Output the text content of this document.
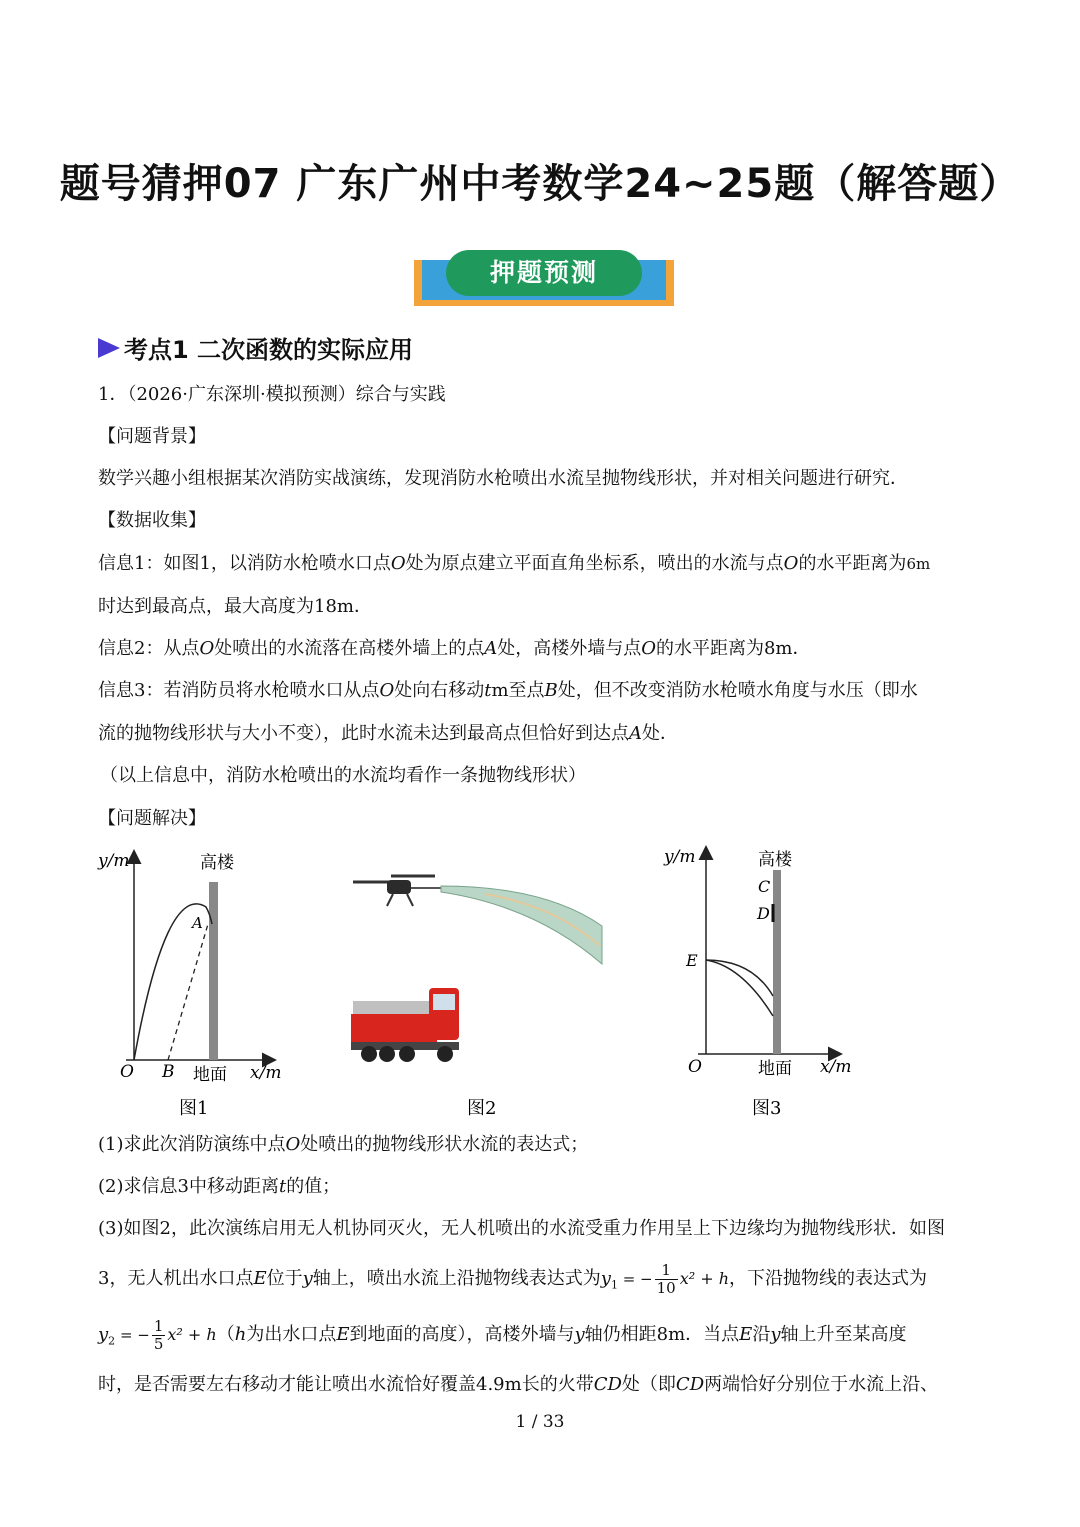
题号猜押07 广东广州中考数学24~25题（解答题）
押题预测
考点1 二次函数的实际应用
1．（2026·广东深圳·模拟预测）综合与实践
【问题背景】
数学兴趣小组根据某次消防实战演练，发现消防水枪喷出水流呈抛物线形状，并对相关问题进行研究．
【数据收集】
信息1：如图1，以消防水枪喷水口点O处为原点建立平面直角坐标系，喷出的水流与点O的水平距离为6m
时达到最高点，最大高度为18m．
信息2：从点O处喷出的水流落在高楼外墙上的点A处，高楼外墙与点O的水平距离为8m．
信息3：若消防员将水枪喷水口从点O处向右移动tm至点B处，但不改变消防水枪喷水角度与水压（即水
流的抛物线形状与大小不变），此时水流未达到最高点但恰好到达点A处．
（以上信息中，消防水枪喷出的水流均看作一条抛物线形状）
【问题解决】
y/m	高楼
A
O B 地面 x/m
图1	图2
y/m	高楼
C
D
E
O	地面 x/m
图3
(1)求此次消防演练中点O处喷出的抛物线形状水流的表达式；
(2)求信息3中移动距离t的值；
(3)如图2，此次演练启用无人机协同灭火，无人机喷出的水流受重力作用呈上下边缘均为抛物线形状．如图
3，无人机出水口点E位于y轴上，喷出水流上沿抛物线表达式为$y_1$ = − $\frac{1}{10} x^2 + h$，下沿抛物线的表达式为
$y_2$ = − $\frac{1}{5} x^2 + h(h$为出水口点E到地面的高度），高楼外墙与y轴仍相距8m．当点E沿y轴上升至某高度
时，是否需要左右移动才能让喷出水流恰好覆盖4.9m长的火带CD处（即CD两端恰好分别位于水流上沿、
1 / 33
